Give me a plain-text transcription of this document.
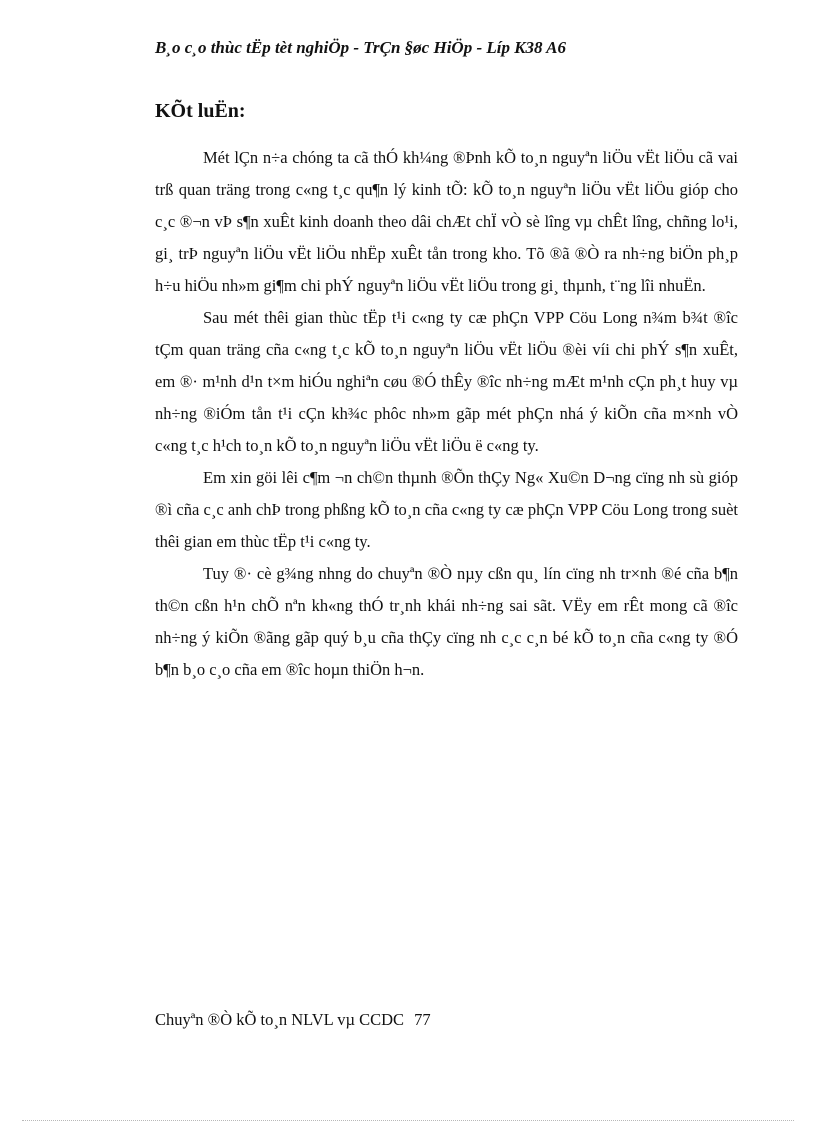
B¸o c¸o thùc tËp tèt nghiÖp - TrÇn §øc HiÖp - Líp K38 A6
KÕt luËn:

Mét lÇn n÷a chóng ta cã thÓ kh¼ng ®Þnh kÕ to¸n nguyªn liÖu vËt liÖu cã vai trß quan träng trong c«ng t¸c qu¶n lý kinh tÕ: kÕ to¸n nguyªn liÖu vËt liÖu gióp cho c¸c ®¬n vÞ s¶n xuÊt kinh doanh theo dâi chÆt chÏ vÒ sè lîng vµ chÊt lîng, chñng lo¹i, gi¸ trÞ nguyªn liÖu vËt liÖu nhËp xuÊt tån trong kho. Tõ ®ã ®Ò ra nh÷ng biÖn ph¸p h÷u hiÖu nh»m gi¶m chi phÝ nguyªn liÖu vËt liÖu trong gi¸ thµnh, t¨ng lîi nhuËn.

Sau mét thêi gian thùc tËp t¹i c«ng ty cæ phÇn VPP Cöu Long n¾m b¾t ®îc tÇm quan träng cña c«ng t¸c kÕ to¸n nguyªn liÖu vËt liÖu ®èi víi chi phÝ s¶n xuÊt, em ®· m¹nh d¹n t×m hiÓu nghiªn cøu ®Ó thÊy ®îc nh÷ng mÆt m¹nh cÇn ph¸t huy vµ nh÷ng ®iÓm tån t¹i cÇn kh¾c phôc nh»m gãp mét phÇn nhá ý kiÕn cña m×nh vÒ c«ng t¸c h¹ch to¸n kÕ to¸n nguyªn liÖu vËt liÖu ë c«ng ty.

Em xin göi lêi c¶m ¬n ch©n thµnh ®Õn thÇy Ng« Xu©n D¬ng cïng nh sù gióp ®ì cña c¸c anh chÞ trong phßng kÕ to¸n cña c«ng ty cæ phÇn VPP Cöu Long trong suèt thêi gian em thùc tËp t¹i c«ng ty.

Tuy ®· cè g¾ng nhng do chuyªn ®Ò nµy cßn qu¸ lín cïng nh tr×nh ®é cña b¶n th©n cßn h¹n chÕ nªn kh«ng thÓ tr¸nh khái nh÷ng sai sãt. VËy em rÊt mong cã ®îc nh÷ng ý kiÕn ®ãng gãp quý b¸u cña thÇy cïng nh c¸c c¸n bé kÕ to¸n cña c«ng ty ®Ó b¶n b¸o c¸o cña em ®îc hoµn thiÖn h¬n.

Chuyªn ®Ò kÕ to¸n NLVL vµ CCDC 77
